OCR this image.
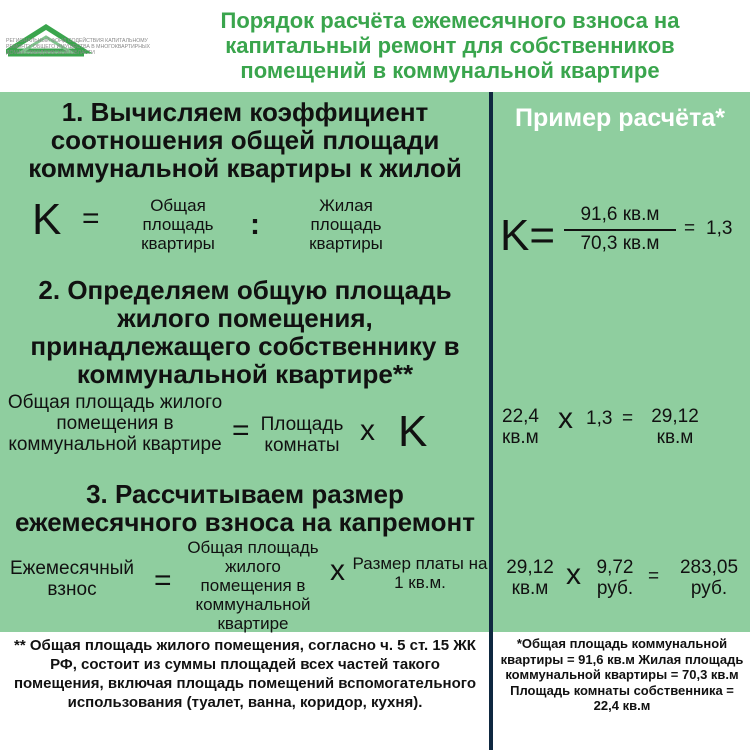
РЕГИОНАЛЬНЫЙ ФОНД СОДЕЙСТВИЯ КАПИТАЛЬНОМУ РЕМОНТУ ОБЩЕГО ИМУЩЕСТВА В МНОГОКВАРТИРНЫХ ДОМАХ СВЕРДЛОВСКОЙ ОБЛАСТИ
Порядок расчёта ежемесячного взноса на капитальный ремонт для собственников помещений в коммунальной квартире
Пример расчёта*
1. Вычисляем коэффициент соотношения общей площади коммунальной квартиры к жилой
K =	Общая площадь квартиры
:
Жилая площадь квартиры	K=	91,6 кв.м
70,3 кв.м
= 1,3
2. Определяем общую площадь жилого помещения, принадлежащего собственнику в коммунальной квартире**
Общая площадь жилого помещения в коммунальной квартире = Площадь комнаты x K	22,4 кв.м
x 1,3 = 29,12 кв.м
3. Рассчитываем размер ежемесячного взноса на капремонт
Ежемесячный взнос	=
Общая площадь жилого помещения в коммунальной квартире
x Размер платы на 1 кв.м.
29,12 кв.м x 9,72 руб.
=	283,05 руб.
** Общая площадь жилого помещения, согласно ч. 5 ст. 15 ЖК РФ, состоит из суммы площадей всех частей такого помещения, включая площадь помещений вспомогательного использования (туалет, ванна, коридор, кухня).
*Общая площадь коммунальной квартиры = 91,6 кв.м Жилая площадь коммунальной квартиры = 70,3 кв.м Площадь комнаты собственника = 22,4 кв.м
